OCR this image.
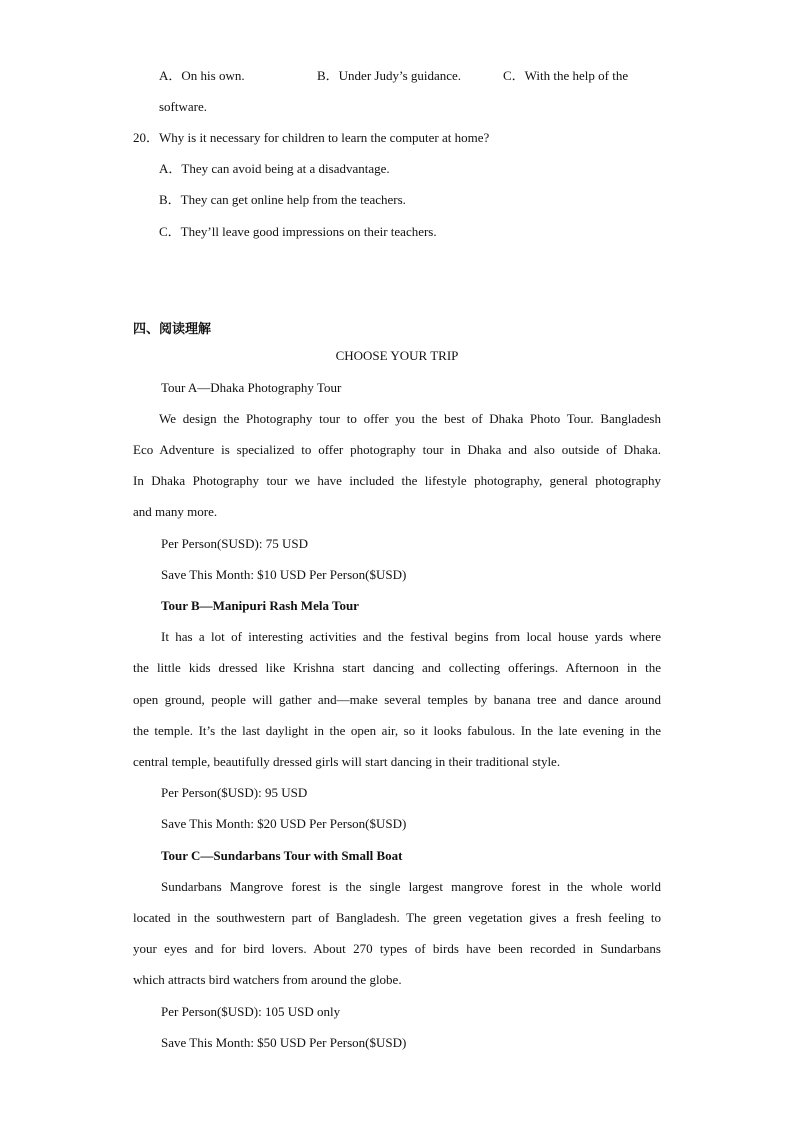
A．On his own.	B．Under Judy’s guidance.	C．With the help of the
software.
20．Why is it necessary for children to learn the computer at home?
A．They can avoid being at a disadvantage.
B．They can get online help from the teachers.
C．They’ll leave good impressions on their teachers.
四、阅读理解
CHOOSE YOUR TRIP
Tour A—Dhaka Photography Tour
We design the Photography tour to offer you the best of Dhaka Photo Tour. Bangladesh
Eco Adventure is specialized to offer photography tour in Dhaka and also outside of Dhaka.
In Dhaka Photography tour we have included the lifestyle photography, general photography
and many more.
Per Person(SUSD): 75 USD
Save This Month: $10 USD Per Person($USD)
Tour B—Manipuri Rash Mela Tour
It has a lot of interesting activities and the festival begins from local house yards where
the little kids dressed like Krishna start dancing and collecting offerings. Afternoon in the
open ground, people will gather and—make several temples by banana tree and dance around
the temple. It’s the last daylight in the open air, so it looks fabulous. In the late evening in the
central temple, beautifully dressed girls will start dancing in their traditional style.
Per Person($USD): 95 USD
Save This Month: $20 USD Per Person($USD)
Tour C—Sundarbans Tour with Small Boat
Sundarbans Mangrove forest is the single largest mangrove forest in the whole world
located in the southwestern part of Bangladesh. The green vegetation gives a fresh feeling to
your eyes and for bird lovers. About 270 types of birds have been recorded in Sundarbans
which attracts bird watchers from around the globe.
Per Person($USD): 105 USD only
Save This Month: $50 USD Per Person($USD)
